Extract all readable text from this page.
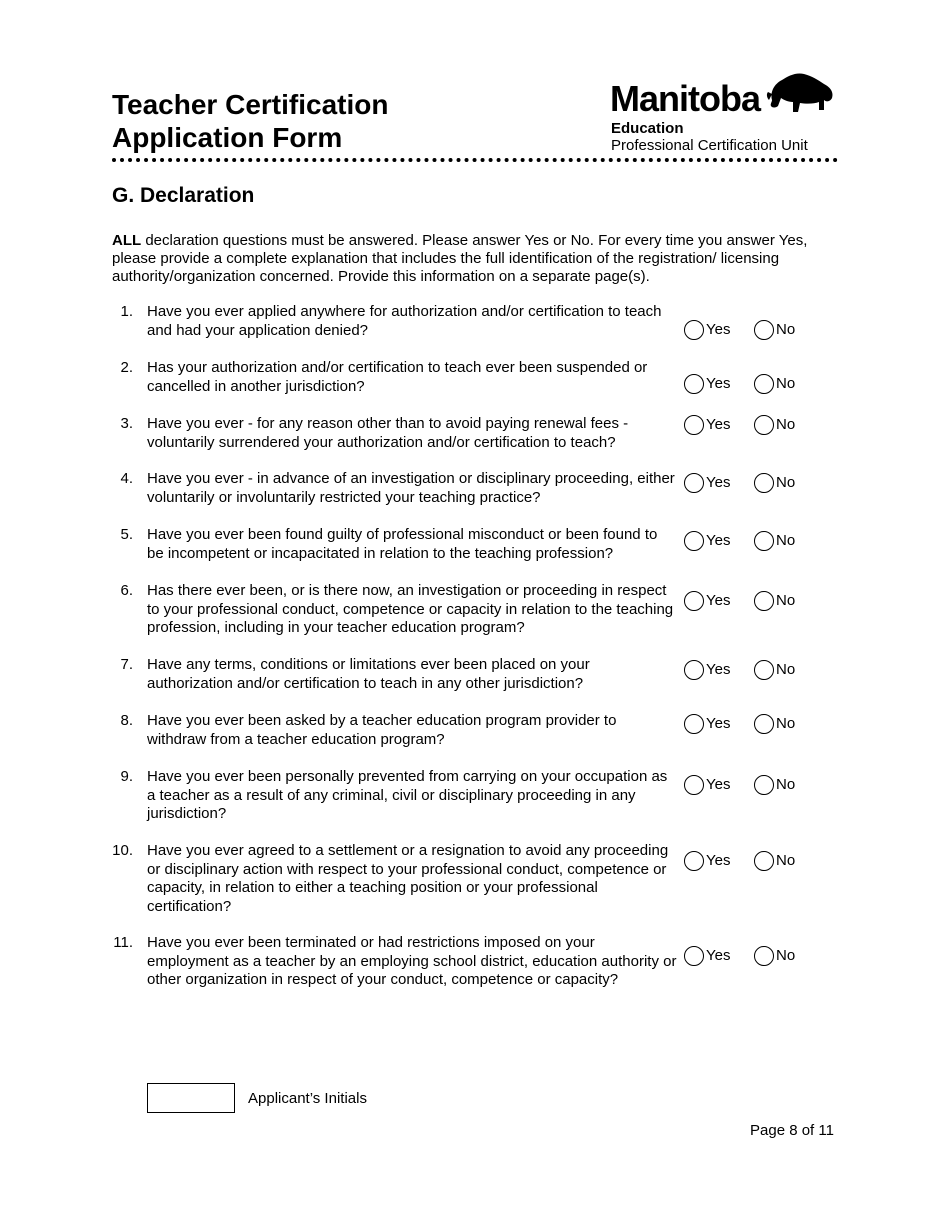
Teacher Certification
Application Form
Manitoba
Education
Professional Certification Unit
G. Declaration
ALL declaration questions must be answered. Please answer Yes or No. For every time you answer Yes, please provide a complete explanation that includes the full identification of the registration/ licensing authority/organization concerned. Provide this information on a separate page(s).
1. Have you ever applied anywhere for authorization and/or certification to teach and had your application denied?	Yes	No
2. Has your authorization and/or certification to teach ever been suspended or cancelled in another jurisdiction?	Yes	No
3. Have you ever - for any reason other than to avoid paying renewal fees - voluntarily surrendered your authorization and/or certification to teach?
Yes	No
4. Have you ever - in advance of an investigation or disciplinary proceeding, either voluntarily or involuntarily restricted your teaching practice?
Yes	No
5. Have you ever been found guilty of professional misconduct or been found to be incompetent or incapacitated in relation to the teaching profession?
Yes	No
6. Has there ever been, or is there now, an investigation or proceeding in respect to your professional conduct, competence or capacity in relation to the teaching profession, including in your teacher education program?
Yes	No
7. Have any terms, conditions or limitations ever been placed on your authorization and/or certification to teach in any other jurisdiction?
Yes	No
8. Have you ever been asked by a teacher education program provider to withdraw from a teacher education program?
Yes	No
9. Have you ever been personally prevented from carrying on your occupation as a teacher as a result of any criminal, civil or disciplinary proceeding in any jurisdiction?
Yes	No
10. Have you ever agreed to a settlement or a resignation to avoid any proceeding or disciplinary action with respect to your professional conduct, competence or capacity, in relation to either a teaching position or your professional certification?
Yes	No
11. Have you ever been terminated or had restrictions imposed on your employment as a teacher by an employing school district, education authority or other organization in respect of your conduct, competence or capacity?
Yes	No
Applicant’s Initials
Page 8 of 11
